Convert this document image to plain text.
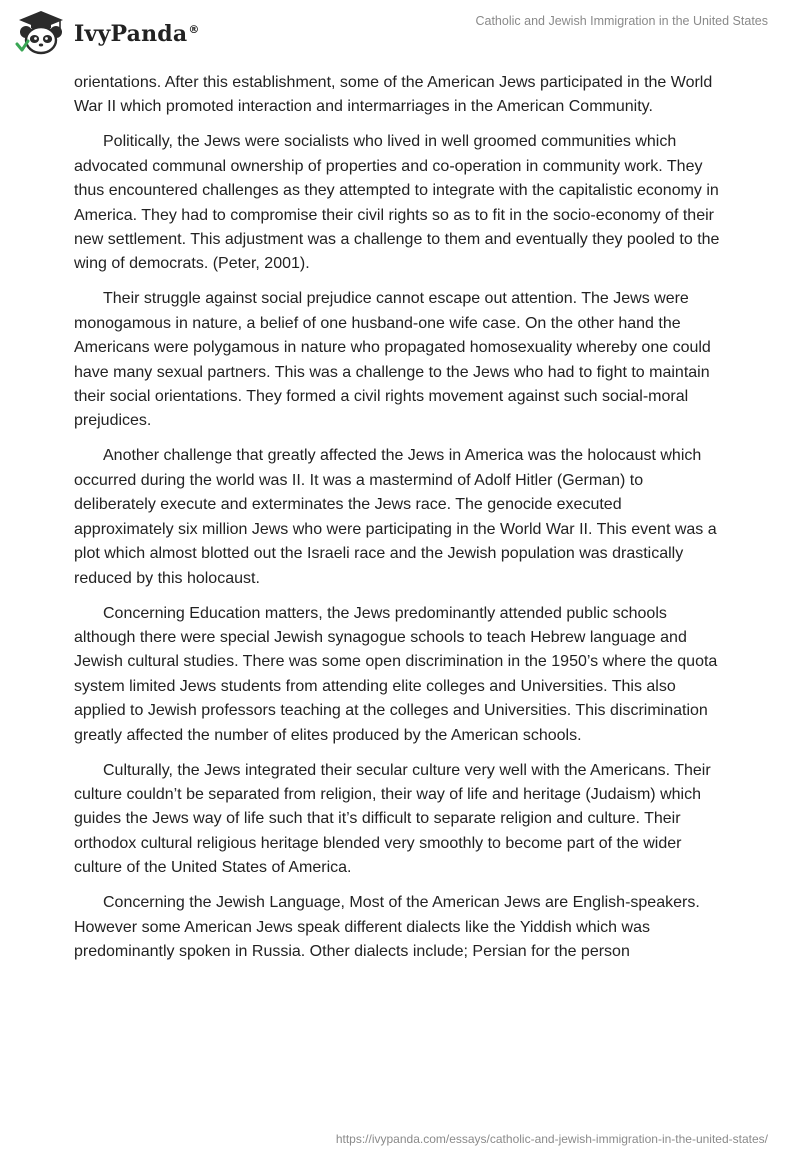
IvyPanda®
Catholic and Jewish Immigration in the United States

orientations. After this establishment, some of the American Jews participated in the World War II which promoted interaction and intermarriages in the American Community.

Politically, the Jews were socialists who lived in well groomed communities which advocated communal ownership of properties and co-operation in community work. They thus encountered challenges as they attempted to integrate with the capitalistic economy in America. They had to compromise their civil rights so as to fit in the socio-economy of their new settlement. This adjustment was a challenge to them and eventually they pooled to the wing of democrats. (Peter, 2001).

Their struggle against social prejudice cannot escape out attention. The Jews were monogamous in nature, a belief of one husband-one wife case. On the other hand the Americans were polygamous in nature who propagated homosexuality whereby one could have many sexual partners. This was a challenge to the Jews who had to fight to maintain their social orientations. They formed a civil rights movement against such social-moral prejudices.

Another challenge that greatly affected the Jews in America was the holocaust which occurred during the world was II. It was a mastermind of Adolf Hitler (German) to deliberately execute and exterminates the Jews race. The genocide executed approximately six million Jews who were participating in the World War II. This event was a plot which almost blotted out the Israeli race and the Jewish population was drastically reduced by this holocaust.

Concerning Education matters, the Jews predominantly attended public schools although there were special Jewish synagogue schools to teach Hebrew language and Jewish cultural studies. There was some open discrimination in the 1950’s where the quota system limited Jews students from attending elite colleges and Universities. This also applied to Jewish professors teaching at the colleges and Universities. This discrimination greatly affected the number of elites produced by the American schools.

Culturally, the Jews integrated their secular culture very well with the Americans. Their culture couldn’t be separated from religion, their way of life and heritage (Judaism) which guides the Jews way of life such that it’s difficult to separate religion and culture. Their orthodox cultural religious heritage blended very smoothly to become part of the wider culture of the United States of America.

Concerning the Jewish Language, Most of the American Jews are English-speakers. However some American Jews speak different dialects like the Yiddish which was predominantly spoken in Russia. Other dialects include; Persian for the person

https://ivypanda.com/essays/catholic-and-jewish-immigration-in-the-united-states/
